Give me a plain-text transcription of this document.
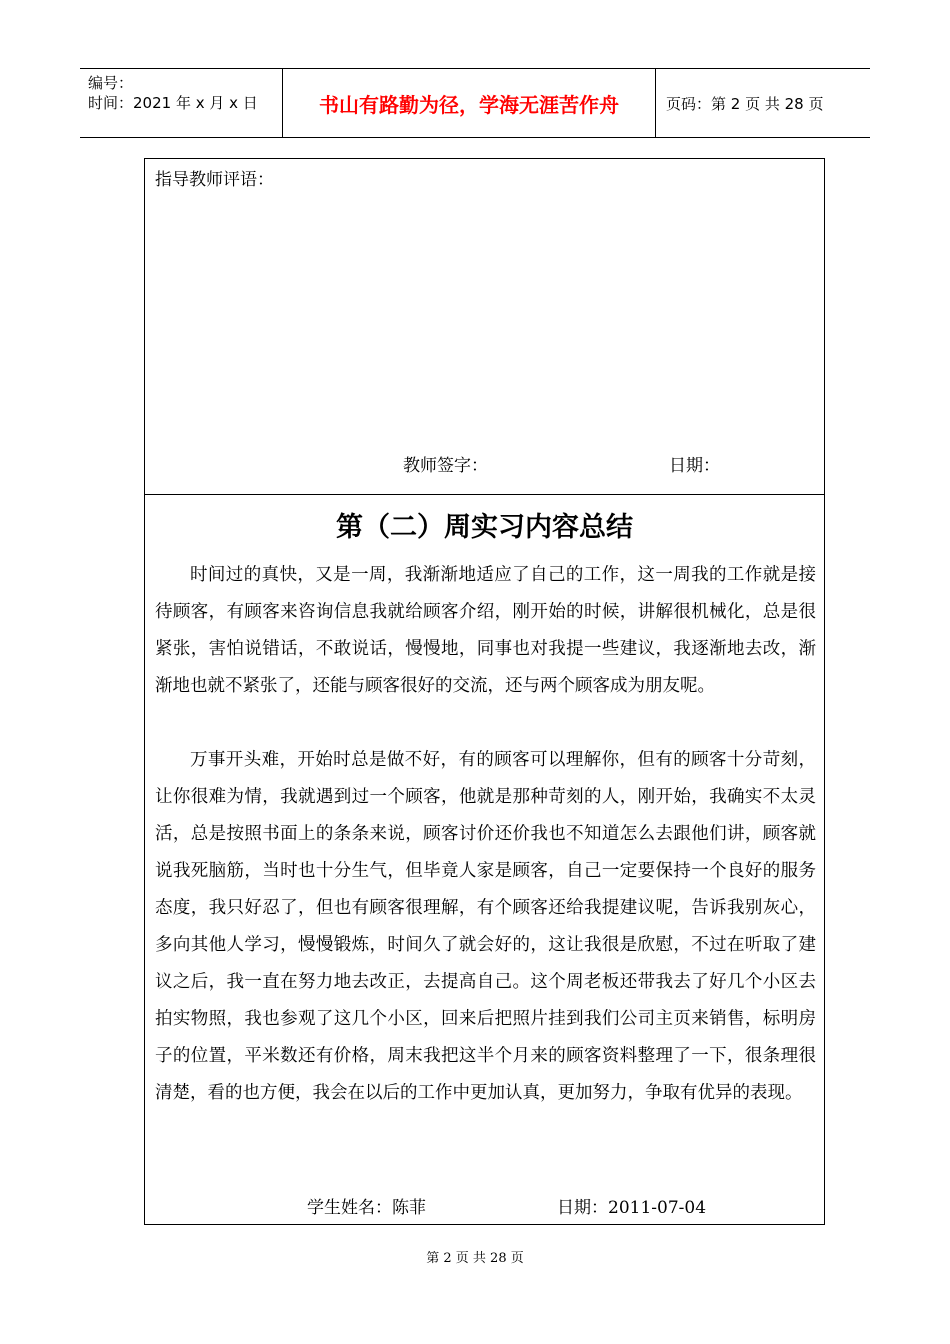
编号：
时间：2021 年 x 月 x 日	书山有路勤为径，学海无涯苦作舟	页码：第 2 页 共 28 页
指导教师评语：
教师签字：	日期：
第（二）周实习内容总结

时间过的真快，又是一周，我渐渐地适应了自己的工作，这一周我的工作就是接待顾客，有顾客来咨询信息我就给顾客介绍，刚开始的时候，讲解很机械化，总是很紧张，害怕说错话，不敢说话，慢慢地，同事也对我提一些建议，我逐渐地去改，渐渐地也就不紧张了，还能与顾客很好的交流，还与两个顾客成为朋友呢。

万事开头难，开始时总是做不好，有的顾客可以理解你，但有的顾客十分苛刻，让你很难为情，我就遇到过一个顾客，他就是那种苛刻的人，刚开始，我确实不太灵活，总是按照书面上的条条来说，顾客讨价还价我也不知道怎么去跟他们讲，顾客就说我死脑筋，当时也十分生气，但毕竟人家是顾客，自己一定要保持一个良好的服务态度，我只好忍了，但也有顾客很理解，有个顾客还给我提建议呢，告诉我别灰心，多向其他人学习，慢慢锻炼，时间久了就会好的，这让我很是欣慰，不过在听取了建议之后，我一直在努力地去改正，去提高自己。这个周老板还带我去了好几个小区去拍实物照，我也参观了这几个小区，回来后把照片挂到我们公司主页来销售，标明房子的位置，平米数还有价格，周末我把这半个月来的顾客资料整理了一下，很条理很清楚，看的也方便，我会在以后的工作中更加认真，更加努力，争取有优异的表现。

学生姓名：陈菲	日期：2011-07-04
第 2 页 共 28 页
